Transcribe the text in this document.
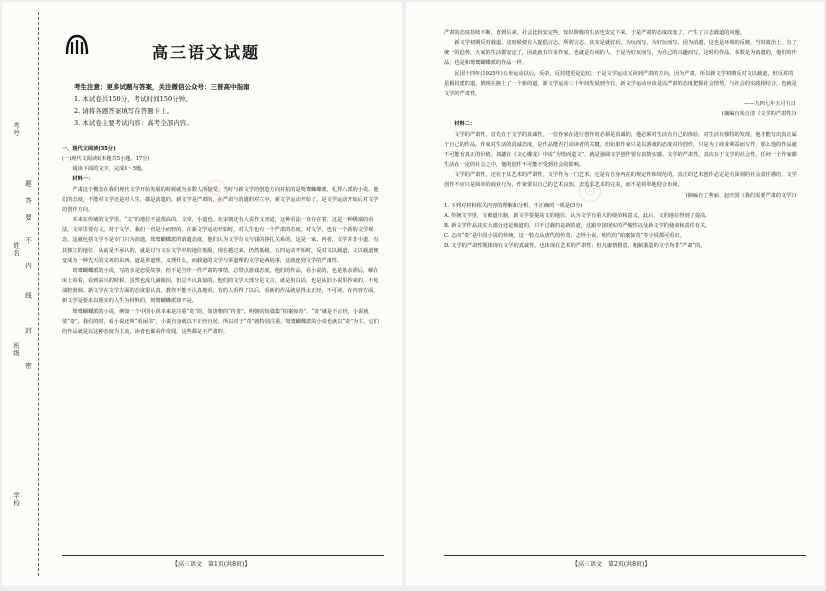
考号
姓名
班级
学校
密
封
线
内
不
要
答
题
高三语文试题
考生注意：更多试题与答案，关注微信公众号：三晋高中指南
1. 本试卷共150分，考试时间150分钟。
2. 请将各题答案填写在答题卡上。
3. 本试卷主要考试内容：高考全部内容。

一、现代文阅读(35分)

(一)现代文阅读Ⅰ(本题共5小题，17分)

阅读下面的文字，完成1～5题。

材料一：

严肃这个概念在我们现代文学开始发展的时候就为多数人所接受。当时与新文学的创造方向对抗的是鸳鸯蝴蝶派，礼拜六派的小说。他们的态度，不能对文学还是对人生，都是消遣的。新文学是严肃的，在严肃与消遣的对立中，新文学运动开始了，是文学运动开始后对文学的创作方向。

本来在传统的文学里，“文”的地位不是很高的。文章，小道也。在宋朝还有人说作文害道，这种看法一直存在着，这是一种极端的看法。文章里要有文。对于文学，我们一直是小而轻的，在新文学运动开始时，对人生也有一个严肃的态度。对文学，也有一个新的文学观念，这就包括文学不是专门只为消遣，鸳鸯蝴蝶派的消遣态度，他们认为文学有文与钱的挣扎关系的，这是一家，再者，文学并非小道，有其独立的地位，从前是不承认的，就是讨与文在文学中的地位低级，现在越过来，仍然低级。五四运动开始时，反对文以载道，文以载道便变成为一种先天的义务的东西。道是讲道理，义理什么，而载道的文学与讲道理的文学是两码事，这就连到文学的严肃性。

鸳鸯蝴蝶派的小说，写的多是恋爱故事，但不是当作一件严肃的事情，总带点游戏态度。他们的作品，看小说的，也是茶余酒后，解在床上看看，看到高兴的时候，虽然也流几滴眼泪，但总不认真似的。他们的文学大部分是文言，就是用白话，也是从旧小说里抄来的，不免油腔滑调。新文学在文学方面的态度很认真，教你不能不认真地看。有的人看得了以后，看新的作品就显得太正经，不可读。在内容方面，新文学是要求以现实的人生为材料的，鸳鸯蝴蝶派却不是。

鸳鸯蝴蝶派的小说，例如一个中国小说本来是注重“奇”的，如唐朝的“传奇”，明朝的短篇集“拍案惊奇”，“奇”就是不正经，小说就要“奇”。我们的时，看小说还叫“看闲书”，小说自身就以不正经自居，所以对于“奇”就特别注重。鸳鸯蝴蝶派的小说也就以“奇”为主，它们的作品就是以这种态度为主流，读者也都看作奇闻，这些都是不严肃的。

◎
【高三语文　第1页(共8页)】

严肃的态度持续不断，直到后来，社会比较安定些，知识阶级的生活也安定下来，于是严肃的态度改变了，产生了言志载道的问题。

新文学初期反对载道，这时候便有人提倡言志。所谓言志，其实是就好玩，为玩而写，为好玩而写。因为消遣，这也是环境的反映，当时政治上，有了统一的趋势，大家的生活都安定了，因此就有许多作家，也就是有闲的人，于是为好玩而写，为自己的兴趣而写，这时的作品，多数是为消遣的，他们的作品，也是和鸳鸯蝴蝶派的作品一样。

民国十四年(1925年)五卅运动以后，反帝，反封建更是迫切，于是文学运动又回到严肃的方向。因为严肃，所以新文学初期反对文以载道，但反对的是载封建的道，到现在换上了一个新的道。新文学运动三十年间发展到今日，新文学运动应该是以严肃的态度把握社会情势，与社会的实践相结合，也就是文学的严肃性。

——九四七年五月五日

(摘编自朱自清《文学的严肃性》)

材料二：

文学的严肃性，首先在于文学的真诚性。一位作家在进行创作时必须是真诚的，他必须对生活有自己的体验，对生活有独特的发现，他才能写出真正属于自己的作品。作家对生活的真诚态度，是作品能否打动读者的关键。但如果作家只是以游戏的态度对待创作，只是为了商业利益而写作，那么他的作品就不可能有真正的价值。刘勰在《文心雕龙》中说“为情而造文”，就是强调文学创作要有真情实感。文学的严肃性，其次在于文学的社会性。任何一个作家都生活在一定的社会之中，他的创作不可能不受到社会的影响。

文学的严肃性，还在于其艺术的严肃性。文学作为一门艺术，它是有自身内在的规定性和规范的。真正的艺术创作必定是有深刻的社会责任感的，文学创作不应只是简单的商业行为，作家要以自己的艺术良知，去追求艺术的完美，而不是简单地迎合市场。

(摘编自丁秀丽、赵庆国《我们需要严肃的文学》)

1. 下列对材料相关内容的理解和分析，不正确的一项是(3分)

A. 传统文学里，文被道压制，新文学要提高文的地位，认为文学有重大的使命和意义，此后，文的地位得到了提高。

B. 新文学作品其实大部分还是载道的，只不过载的是新的道，这跟中国现实的严峻性以及新文学的使命和责任有关。

C. 志向“奇”是中国小说的传统，这一特点从唐代的传奇、志怪小说，明代的“拍案惊奇”等小说都可看出。

D. 文学的严肃性既体现在文学的真诚性，也体现在艺术的严肃性；但凡庸情假意，粗制滥造的文学均非“严肃”的。

◎
【高三语文　第2页(共8页)】
